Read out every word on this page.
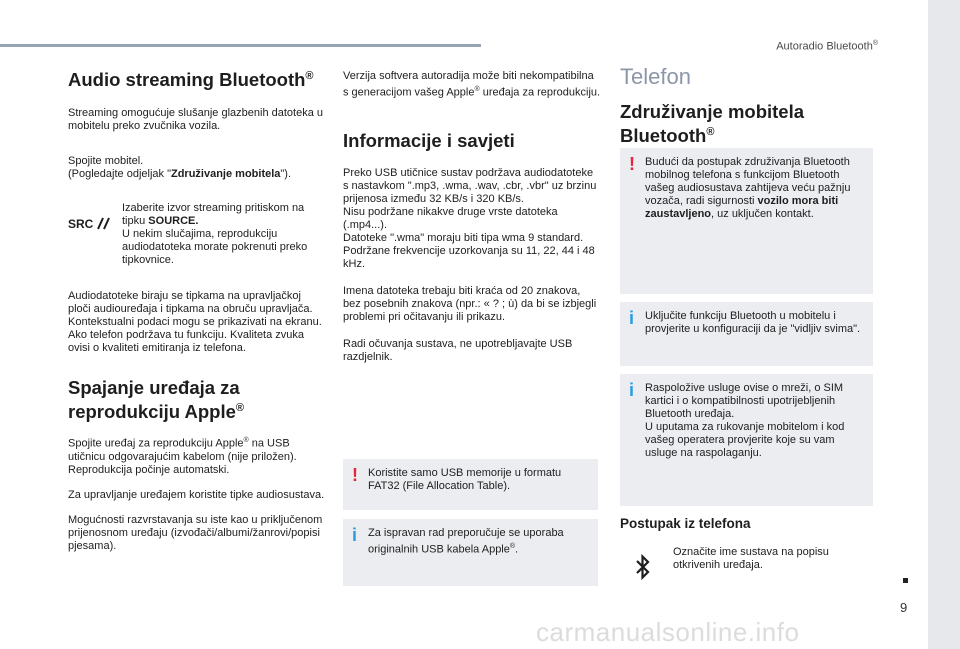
Autoradio Bluetooth®
9
carmanualsonline.info
Audio streaming Bluetooth®

Streaming omogućuje slušanje glazbenih datoteka u mobitelu preko zvučnika vozila.

Spojite mobitel.
(Pogledajte odjeljak "Združivanje mobitela").

SRC

Izaberite izvor streaming pritiskom na tipku SOURCE.
U nekim slučajima, reprodukciju audiodatoteka morate pokrenuti preko tipkovnice.

Audiodatoteke biraju se tipkama na upravljačkoj ploči audiouređaja i tipkama na obruču upravljača. Kontekstualni podaci mogu se prikazivati na ekranu.
Ako telefon podržava tu funkciju. Kvaliteta zvuka ovisi o kvaliteti emitiranja iz telefona.

Spajanje uređaja za
reprodukciju Apple®

Spojite uređaj za reprodukciju Apple® na USB utičnicu odgovarajućim kabelom (nije priložen).
Reprodukcija počinje automatski.

Za upravljanje uređajem koristite tipke audiosustava.

Mogućnosti razvrstavanja su iste kao u priključenom prijenosnom uređaju (izvođači/albumi/žanrovi/popisi pjesama).

Verzija softvera autoradija može biti nekompatibilna s generacijom vašeg Apple® uređaja za reprodukciju.

Informacije i savjeti

Preko USB utičnice sustav podržava audiodatoteke s nastavkom ".mp3, .wma, .wav, .cbr, .vbr" uz brzinu prijenosa između 32 KB/s i 320 KB/s.
Nisu podržane nikakve druge vrste datoteka (.mp4...).
Datoteke ".wma" moraju biti tipa wma 9 standard.
Podržane frekvencije uzorkovanja su 11, 22, 44 i 48 kHz.

Imena datoteka trebaju biti kraća od 20 znakova, bez posebnih znakova (npr.: « ? ; ù) da bi se izbjegli problemi pri očitavanju ili prikazu.

Radi očuvanja sustava, ne upotrebljavajte USB razdjelnik.

! Koristite samo USB memorije u formatu FAT32 (File Allocation Table).

i Za ispravan rad preporučuje se uporaba originalnih USB kabela Apple®.

Telefon
Združivanje mobitela
Bluetooth®
! Budući da postupak združivanja Bluetooth mobilnog telefona s funkcijom Bluetooth vašeg audiosustava zahtijeva veću pažnju vozača, radi sigurnosti vozilo mora biti zaustavljeno, uz uključen kontakt.

i Uključite funkciju Bluetooth u mobitelu i provjerite u konfiguraciji da je "vidljiv svima".

i Raspoložive usluge ovise o mreži, o SIM kartici i o kompatibilnosti upotrijebljenih Bluetooth uređaja.
U uputama za rukovanje mobitelom i kod vašeg operatera provjerite koje su vam usluge na raspolaganju.

Postupak iz telefona

Označite ime sustava na popisu otkrivenih uređaja.
